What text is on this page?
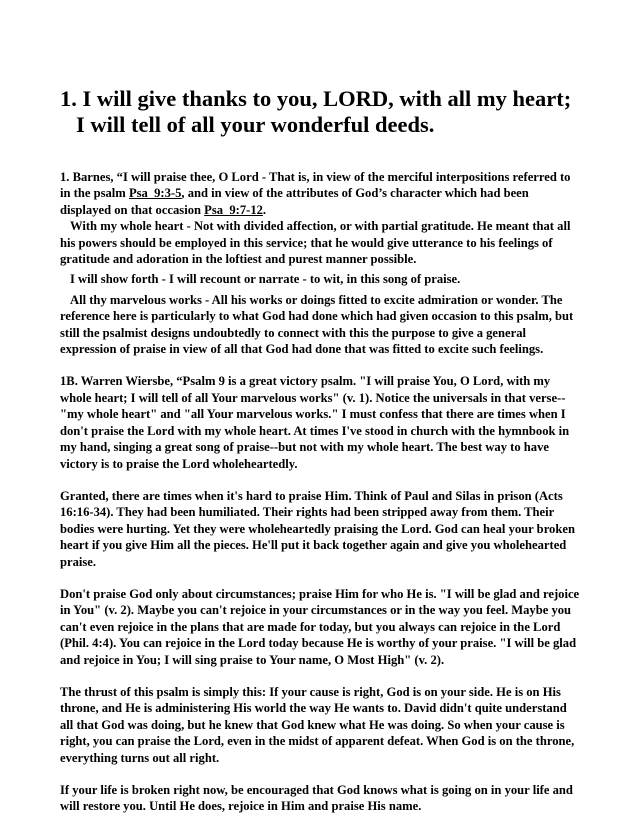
1. I will give thanks to you, LORD, with all my heart;
I will tell of all your wonderful deeds.

1. Barnes, “I will praise thee, O Lord - That is, in view of the merciful interpositions referred to in the psalm Psa_9:3-5, and in view of the attributes of God’s character which had been displayed on that occasion Psa_9:7-12.

With my whole heart - Not with divided affection, or with partial gratitude. He meant that all his powers should be employed in this service; that he would give utterance to his feelings of gratitude and adoration in the loftiest and purest manner possible.

I will show forth - I will recount or narrate - to wit, in this song of praise.

All thy marvelous works - All his works or doings fitted to excite admiration or wonder. The reference here is particularly to what God had done which had given occasion to this psalm, but still the psalmist designs undoubtedly to connect with this the purpose to give a general expression of praise in view of all that God had done that was fitted to excite such feelings.

1B. Warren Wiersbe, “Psalm 9 is a great victory psalm. "I will praise You, O Lord, with my whole heart; I will tell of all Your marvelous works" (v. 1). Notice the universals in that verse--"my whole heart" and "all Your marvelous works." I must confess that there are times when I don't praise the Lord with my whole heart. At times I've stood in church with the hymnbook in my hand, singing a great song of praise--but not with my whole heart. The best way to have victory is to praise the Lord wholeheartedly.

Granted, there are times when it's hard to praise Him. Think of Paul and Silas in prison (Acts 16:16-34). They had been humiliated. Their rights had been stripped away from them. Their bodies were hurting. Yet they were wholeheartedly praising the Lord. God can heal your broken heart if you give Him all the pieces. He'll put it back together again and give you wholehearted praise.

Don't praise God only about circumstances; praise Him for who He is. "I will be glad and rejoice in You" (v. 2). Maybe you can't rejoice in your circumstances or in the way you feel. Maybe you can't even rejoice in the plans that are made for today, but you always can rejoice in the Lord (Phil. 4:4). You can rejoice in the Lord today because He is worthy of your praise. "I will be glad and rejoice in You; I will sing praise to Your name, O Most High" (v. 2).

The thrust of this psalm is simply this: If your cause is right, God is on your side. He is on His throne, and He is administering His world the way He wants to. David didn't quite understand all that God was doing, but he knew that God knew what He was doing. So when your cause is right, you can praise the Lord, even in the midst of apparent defeat. When God is on the throne, everything turns out all right.

If your life is broken right now, be encouraged that God knows what is going on in your life and will restore you. Until He does, rejoice in Him and praise His name.
